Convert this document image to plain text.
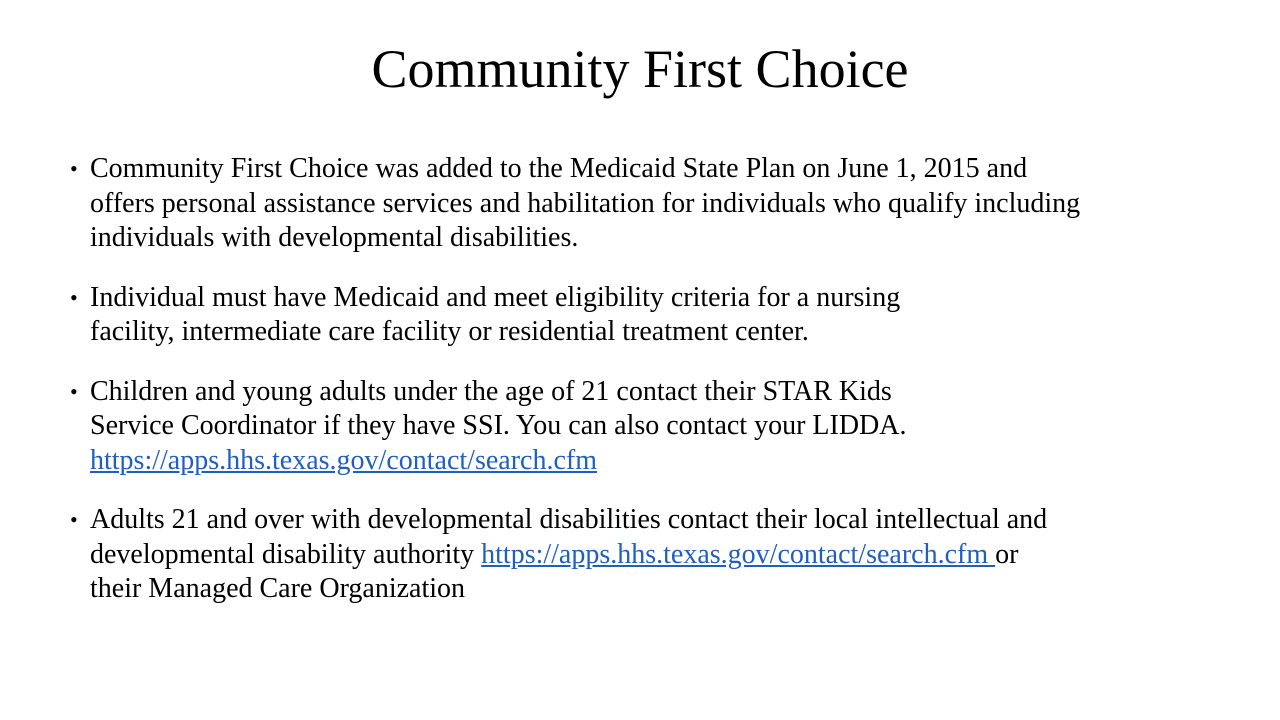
Community First Choice
• Community First Choice was added to the Medicaid State Plan on June 1, 2015 and
offers personal assistance services and habilitation for individuals who qualify including
individuals with developmental disabilities.
• Individual must have Medicaid and meet eligibility criteria for a nursing
facility, intermediate care facility or residential treatment center.
• Children and young adults under the age of 21 contact their STAR Kids
Service Coordinator if they have SSI. You can also contact your LIDDA.
https://apps.hhs.texas.gov/contact/search.cfm
• Adults 21 and over with developmental disabilities contact their local intellectual and
developmental disability authority https://apps.hhs.texas.gov/contact/search.cfm or
their Managed Care Organization
